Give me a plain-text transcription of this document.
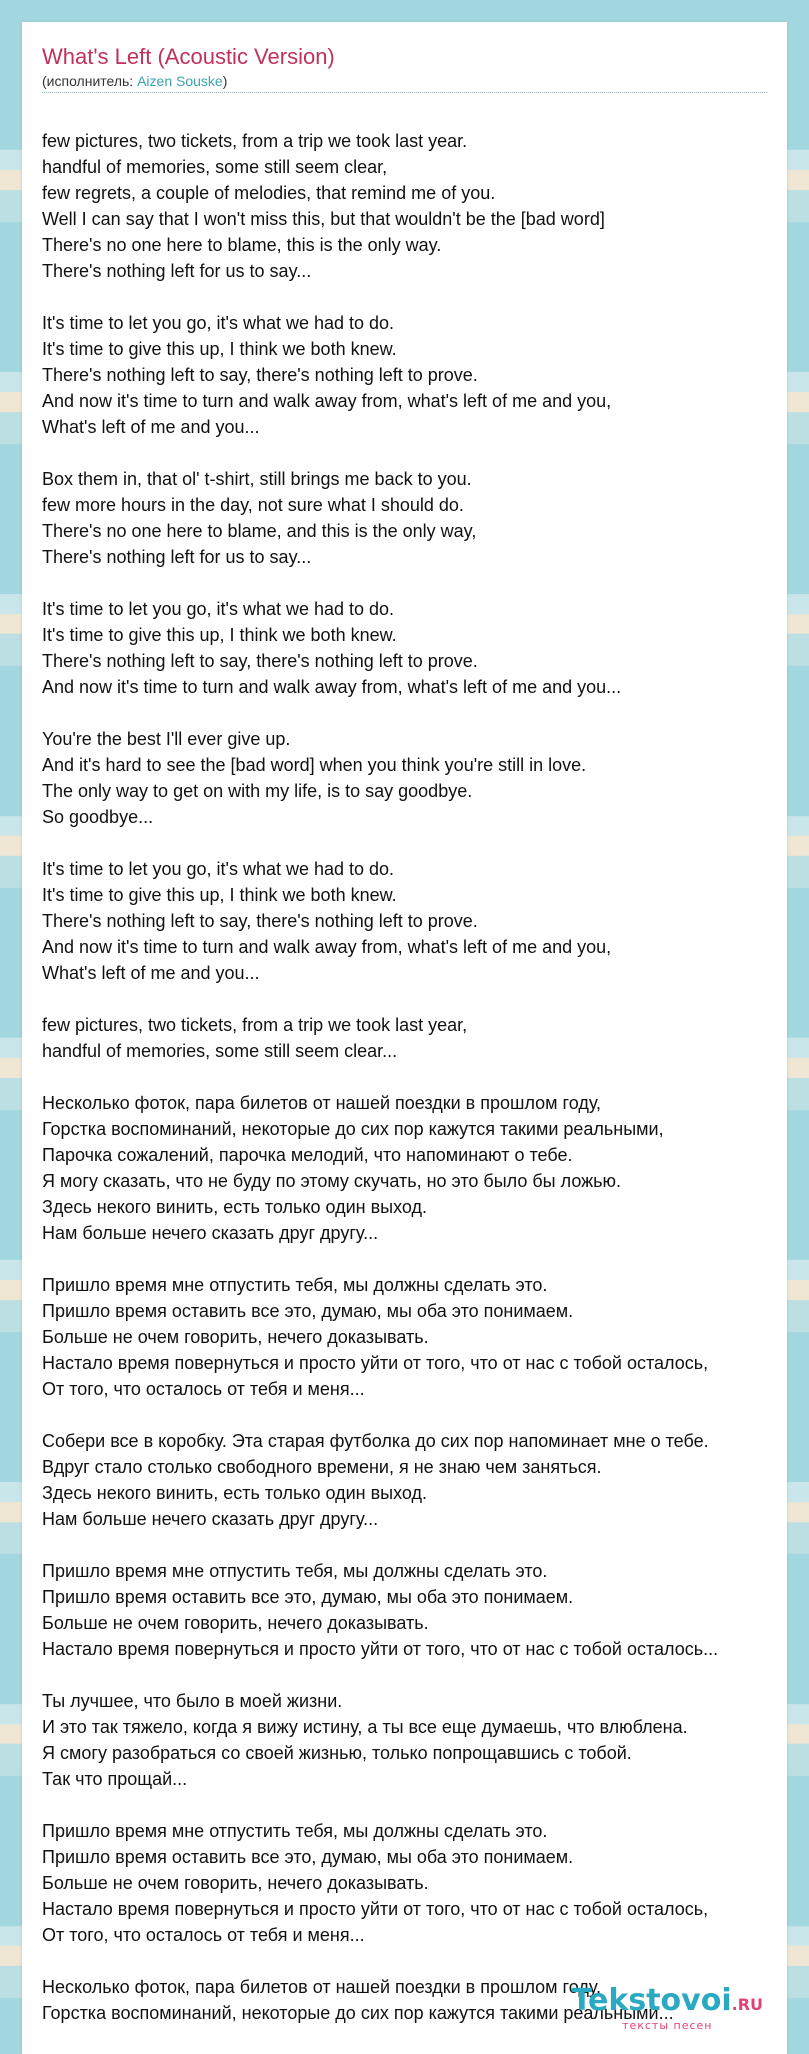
What's Left (Acoustic Version)
(исполнитель: Aizen Souske)
few pictures, two tickets, from a trip we took last year.
handful of memories, some still seem clear,
few regrets, a couple of melodies, that remind me of you.
Well I can say that I won't miss this, but that wouldn't be the [bad word]
There's no one here to blame, this is the only way.
There's nothing left for us to say...
It's time to let you go, it's what we had to do.
It's time to give this up, I think we both knew.
There's nothing left to say, there's nothing left to prove.
And now it's time to turn and walk away from, what's left of me and you,
What's left of me and you...
Box them in, that ol' t-shirt, still brings me back to you.
few more hours in the day, not sure what I should do.
There's no one here to blame, and this is the only way,
There's nothing left for us to say...
It's time to let you go, it's what we had to do.
It's time to give this up, I think we both knew.
There's nothing left to say, there's nothing left to prove.
And now it's time to turn and walk away from, what's left of me and you...
You're the best I'll ever give up.
And it's hard to see the [bad word] when you think you're still in love.
The only way to get on with my life, is to say goodbye.
So goodbye...
It's time to let you go, it's what we had to do.
It's time to give this up, I think we both knew.
There's nothing left to say, there's nothing left to prove.
And now it's time to turn and walk away from, what's left of me and you,
What's left of me and you...
few pictures, two tickets, from a trip we took last year,
handful of memories, some still seem clear...
Несколько фоток, пара билетов от нашей поездки в прошлом году,
Горстка воспоминаний, некоторые до сих пор кажутся такими реальными,
Парочка сожалений, парочка мелодий, что напоминают о тебе.
Я могу сказать, что не буду по этому скучать, но это было бы ложью.
Здесь некого винить, есть только один выход.
Нам больше нечего сказать друг другу...
Пришло время мне отпустить тебя, мы должны сделать это.
Пришло время оставить все это, думаю, мы оба это понимаем.
Больше не очем говорить, нечего доказывать.
Настало время повернуться и просто уйти от того, что от нас с тобой осталось,
От того, что осталось от тебя и меня...
Собери все в коробку. Эта старая футболка до сих пор напоминает мне о тебе.
Вдруг стало столько свободного времени, я не знаю чем заняться.
Здесь некого винить, есть только один выход.
Нам больше нечего сказать друг другу...
Пришло время мне отпустить тебя, мы должны сделать это.
Пришло время оставить все это, думаю, мы оба это понимаем.
Больше не очем говорить, нечего доказывать.
Настало время повернуться и просто уйти от того, что от нас с тобой осталось...
Ты лучшее, что было в моей жизни.
И это так тяжело, когда я вижу истину, а ты все еще думаешь, что влюблена.
Я смогу разобраться со своей жизнью, только попрощавшись с тобой.
Так что прощай...
Пришло время мне отпустить тебя, мы должны сделать это.
Пришло время оставить все это, думаю, мы оба это понимаем.
Больше не очем говорить, нечего доказывать.
Настало время повернуться и просто уйти от того, что от нас с тобой осталось,
От того, что осталось от тебя и меня...
Несколько фоток, пара билетов от нашей поездки в прошлом году,
Горстка воспоминаний, некоторые до сих пор кажутся такими реальными...
Tekstovoi.RU
тексты песен
